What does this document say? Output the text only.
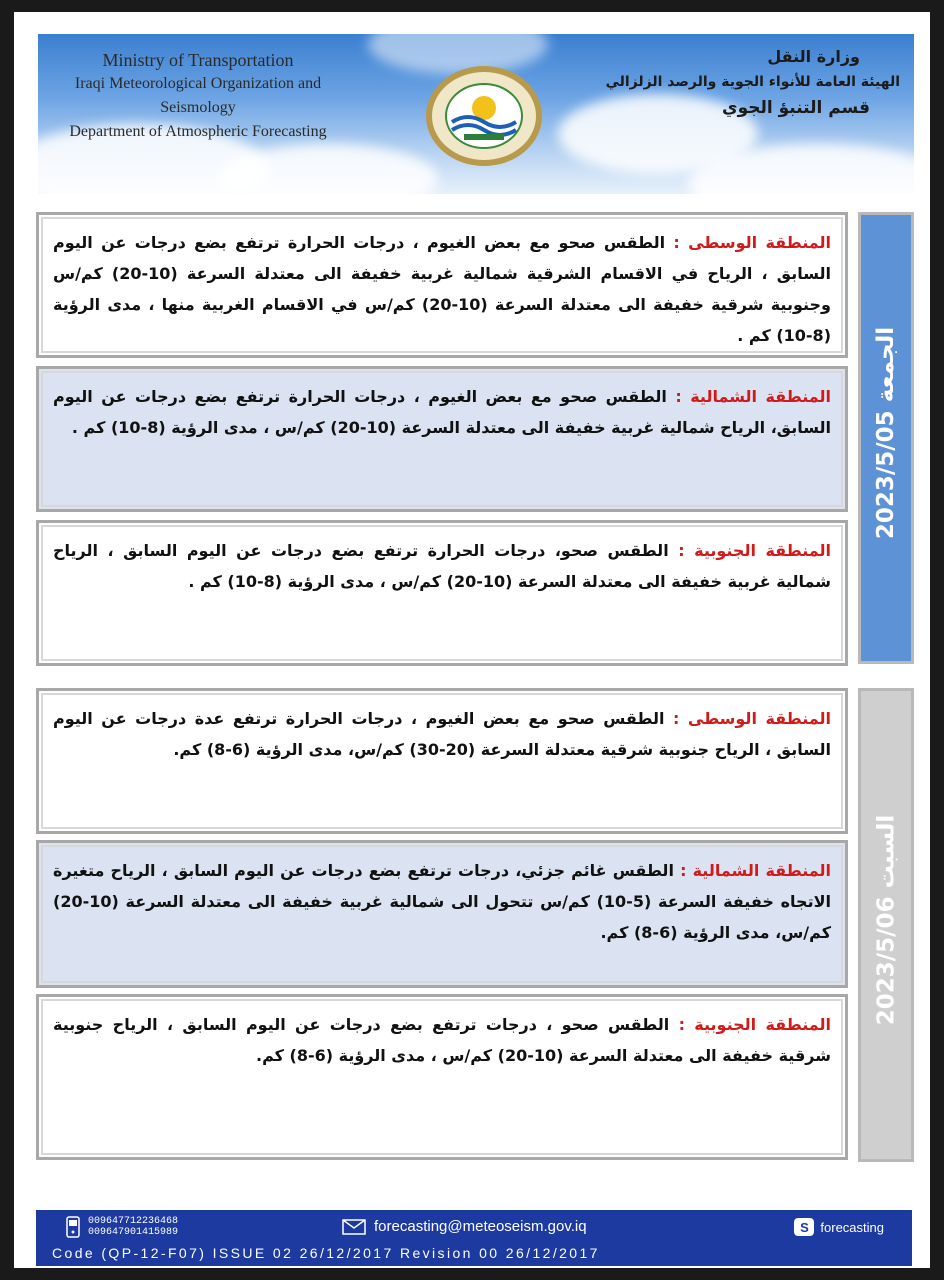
Ministry of Transportation
Iraqi Meteorological Organization and Seismology
Department of Atmospheric Forecasting
وزارة النقل
الهيئة العامة للأنواء الجوية والرصد الزلزالي
قسم التنبؤ الجوي
المنطقة الوسطى : الطقس صحو مع بعض الغيوم ، درجات الحرارة ترتفع بضع درجات عن اليوم السابق ، الرياح في الاقسام الشرقية شمالية غربية خفيفة الى معتدلة السرعة (10-20) كم/س وجنوبية شرقية خفيفة الى معتدلة السرعة (10-20) كم/س في الاقسام الغربية منها ، مدى الرؤية (8-10) كم .
المنطقة الشمالية : الطقس صحو مع بعض الغيوم ، درجات الحرارة ترتفع بضع درجات عن اليوم السابق، الرياح شمالية غربية خفيفة الى معتدلة السرعة (10-20) كم/س ، مدى الرؤية (8-10) كم .
المنطقة الجنوبية : الطقس صحو، درجات الحرارة ترتفع بضع درجات عن اليوم السابق ، الرياح شمالية غربية خفيفة الى معتدلة السرعة (10-20) كم/س ، مدى الرؤية (8-10) كم .
الجمعة 2023/5/05
المنطقة الوسطى : الطقس صحو مع بعض الغيوم ، درجات الحرارة ترتفع عدة درجات عن اليوم السابق ، الرياح جنوبية شرقية معتدلة السرعة (20-30) كم/س، مدى الرؤية (6-8) كم.
المنطقة الشمالية : الطقس غائم جزئي، درجات ترتفع بضع درجات عن اليوم السابق ، الرياح متغيرة الاتجاه خفيفة السرعة (5-10) كم/س تتحول الى شمالية غربية خفيفة الى معتدلة السرعة (10-20) كم/س، مدى الرؤية (6-8) كم.
المنطقة الجنوبية : الطقس صحو ، درجات ترتفع بضع درجات عن اليوم السابق ، الرياح جنوبية شرقية خفيفة الى معتدلة السرعة (10-20) كم/س ، مدى الرؤية (6-8) كم.
السبت 2023/5/06
009647712236468
009647901415989	forecasting@meteoseism.gov.iq	S forecasting
Code (QP-12-F07) ISSUE 02 26/12/2017 Revision 00 26/12/2017
